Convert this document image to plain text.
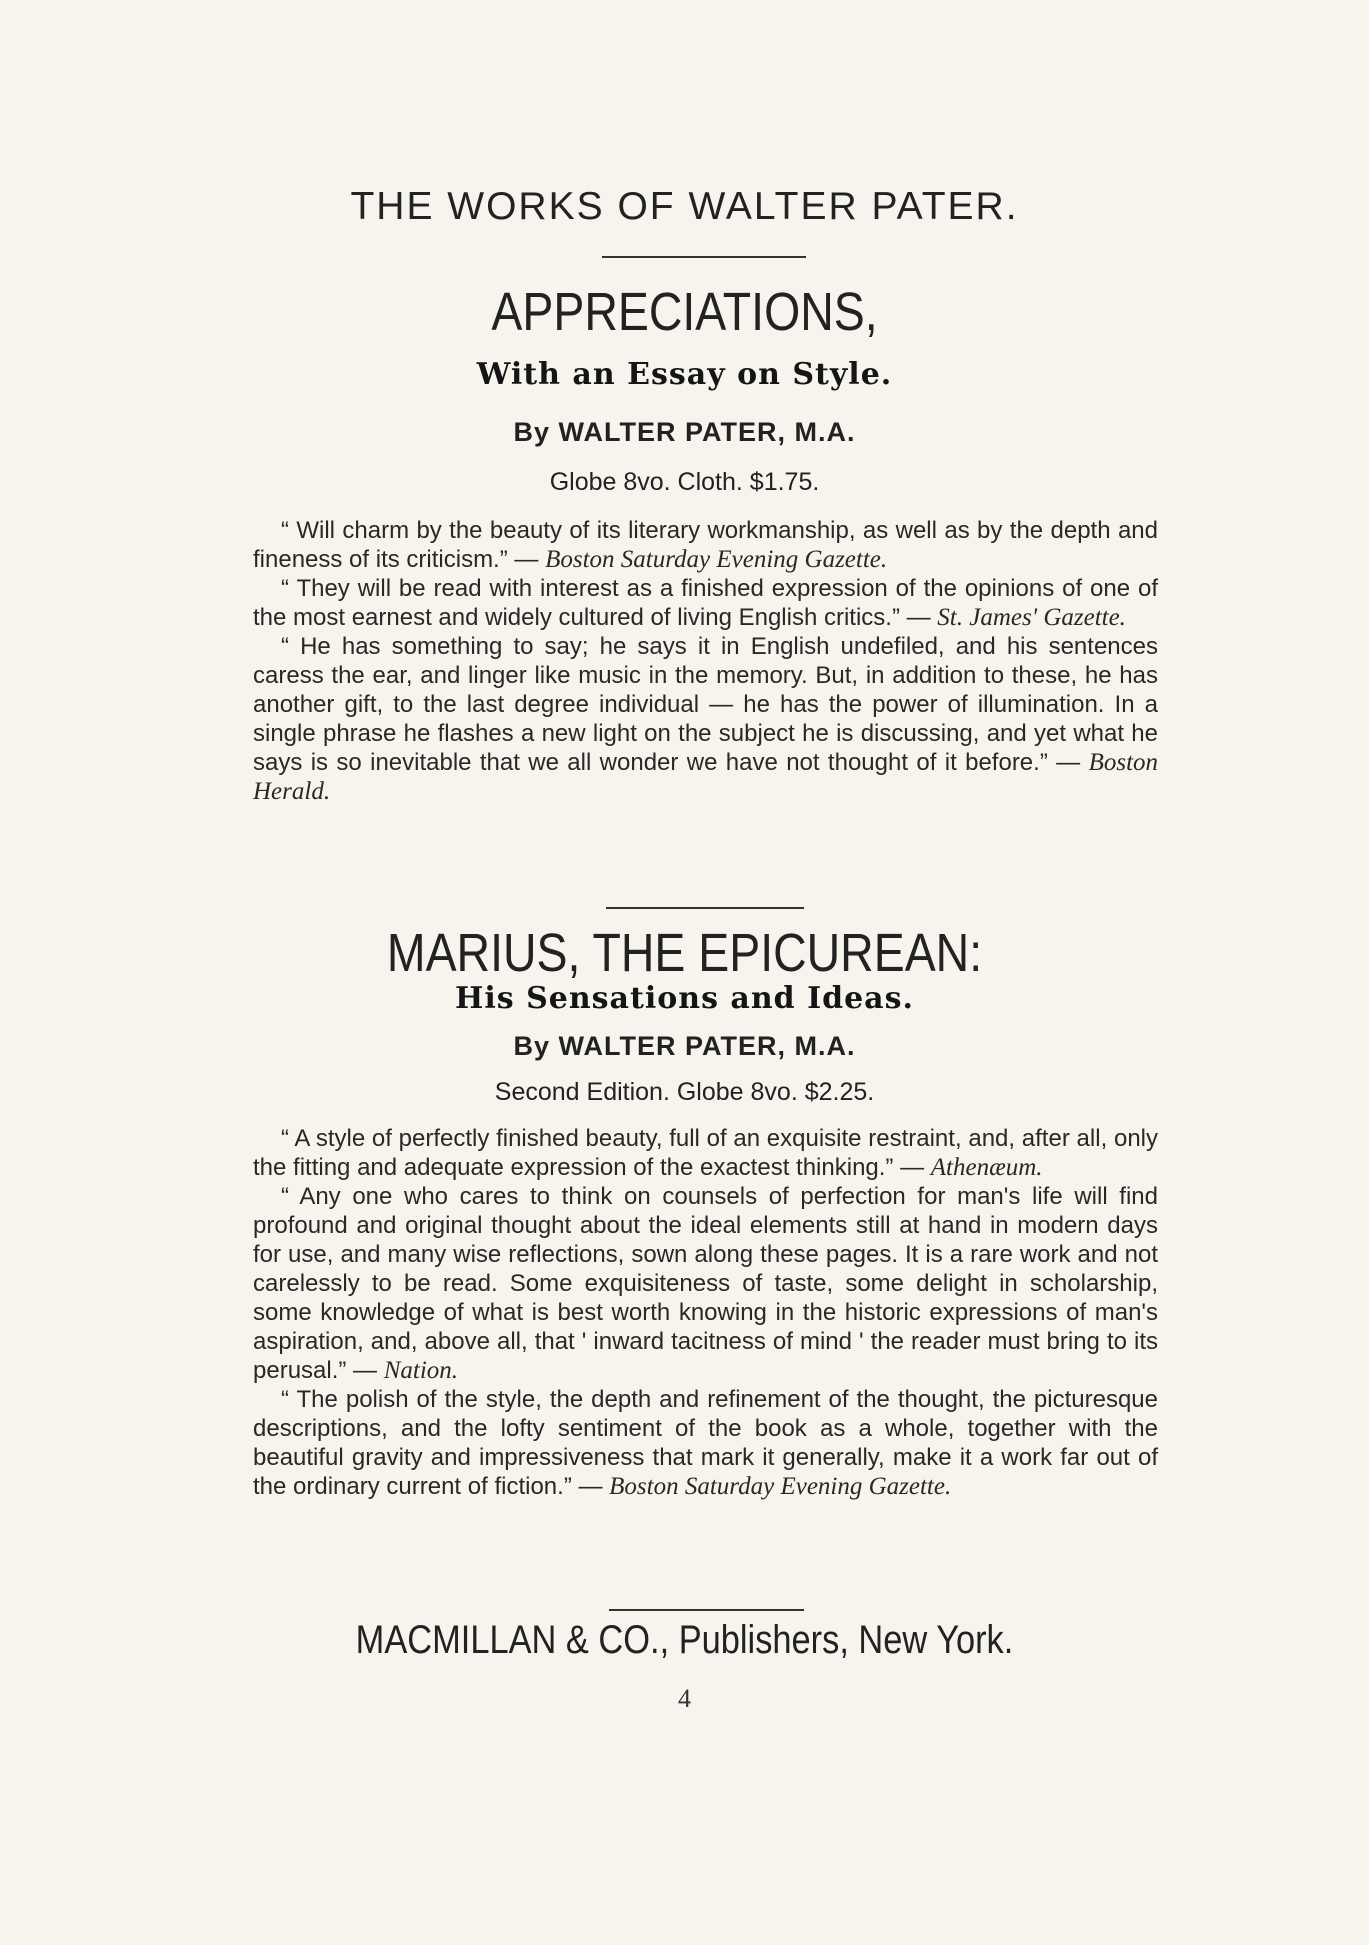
THE WORKS OF WALTER PATER.
APPRECIATIONS,
With an Essay on Style.
By WALTER PATER, M.A.
Globe 8vo. Cloth. $1.75.

“ Will charm by the beauty of its literary workmanship, as well as by the depth and fineness of its criticism.” — Boston Saturday Evening Gazette.

“ They will be read with interest as a finished expression of the opinions of one of the most earnest and widely cultured of living English critics.” — St. James' Gazette.

“ He has something to say; he says it in English undefiled, and his sentences caress the ear, and linger like music in the memory. But, in addition to these, he has another gift, to the last degree individual — he has the power of illumination. In a single phrase he flashes a new light on the subject he is discussing, and yet what he says is so inevitable that we all wonder we have not thought of it before.” — Boston Herald.

MARIUS, THE EPICUREAN:
His Sensations and Ideas.
By WALTER PATER, M.A.
Second Edition. Globe 8vo. $2.25.

“ A style of perfectly finished beauty, full of an exquisite restraint, and, after all, only the fitting and adequate expression of the exactest thinking.” — Athenæum.

“ Any one who cares to think on counsels of perfection for man's life will find profound and original thought about the ideal elements still at hand in modern days for use, and many wise reflections, sown along these pages. It is a rare work and not carelessly to be read. Some exquisiteness of taste, some delight in scholarship, some knowledge of what is best worth knowing in the historic expressions of man's aspiration, and, above all, that ' inward tacitness of mind ' the reader must bring to its perusal.” — Nation.

“ The polish of the style, the depth and refinement of the thought, the picturesque descriptions, and the lofty sentiment of the book as a whole, together with the beautiful gravity and impressiveness that mark it generally, make it a work far out of the ordinary current of fiction.” — Boston Saturday Evening Gazette.

MACMILLAN & CO., Publishers, New York.
4
